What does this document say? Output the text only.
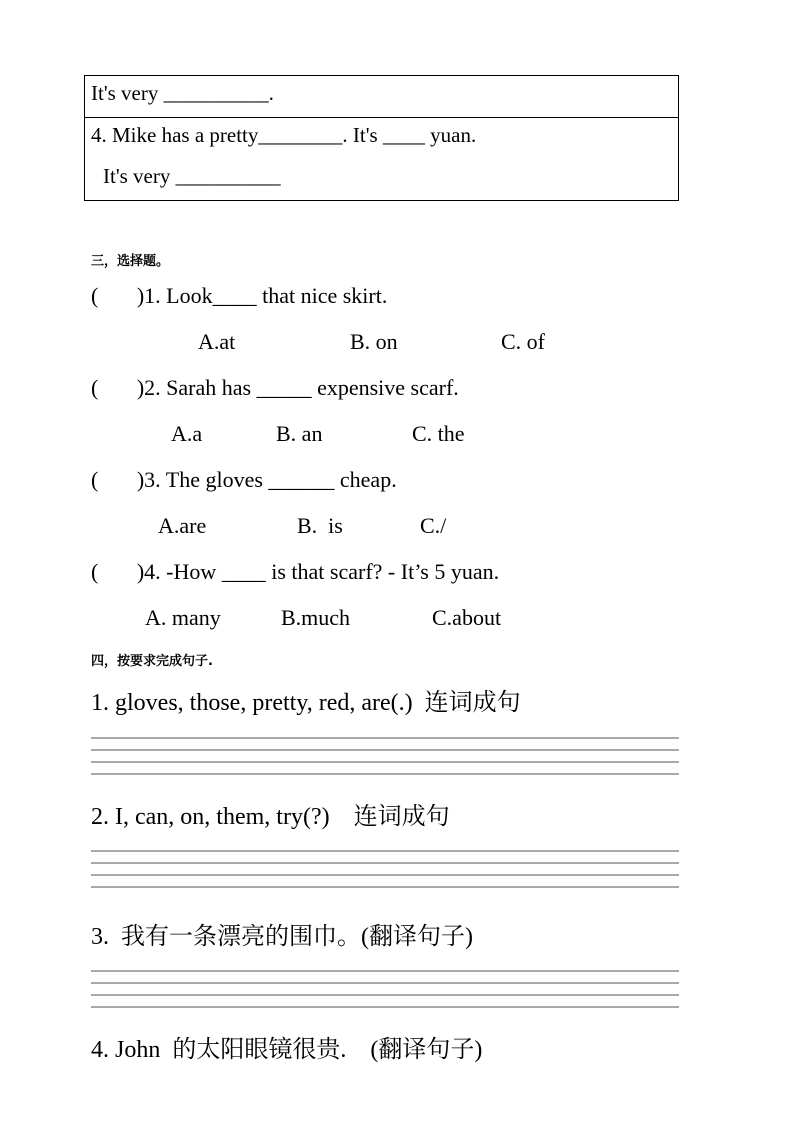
It's very __________.
4. Mike has a pretty________. It's ____ yuan.
It's very __________
三，选择题。
(       )1. Look____ that nice skirt.
A.at	B. on	C. of
(       )2. Sarah has _____ expensive scarf.
A.a	B. an	C. the
(       )3. The gloves ______ cheap.
A.are	B.  is	C./
(       )4. -How ____ is that scarf? - It’s 5 yuan.
A. many	B.much	C.about
四，按要求完成句子.
1. gloves, those, pretty, red, are(.)  连词成句
2. I, can, on, them, try(?)    连词成句
3.  我有一条漂亮的围巾。(翻译句子)
4. John  的太阳眼镜很贵.    (翻译句子)
